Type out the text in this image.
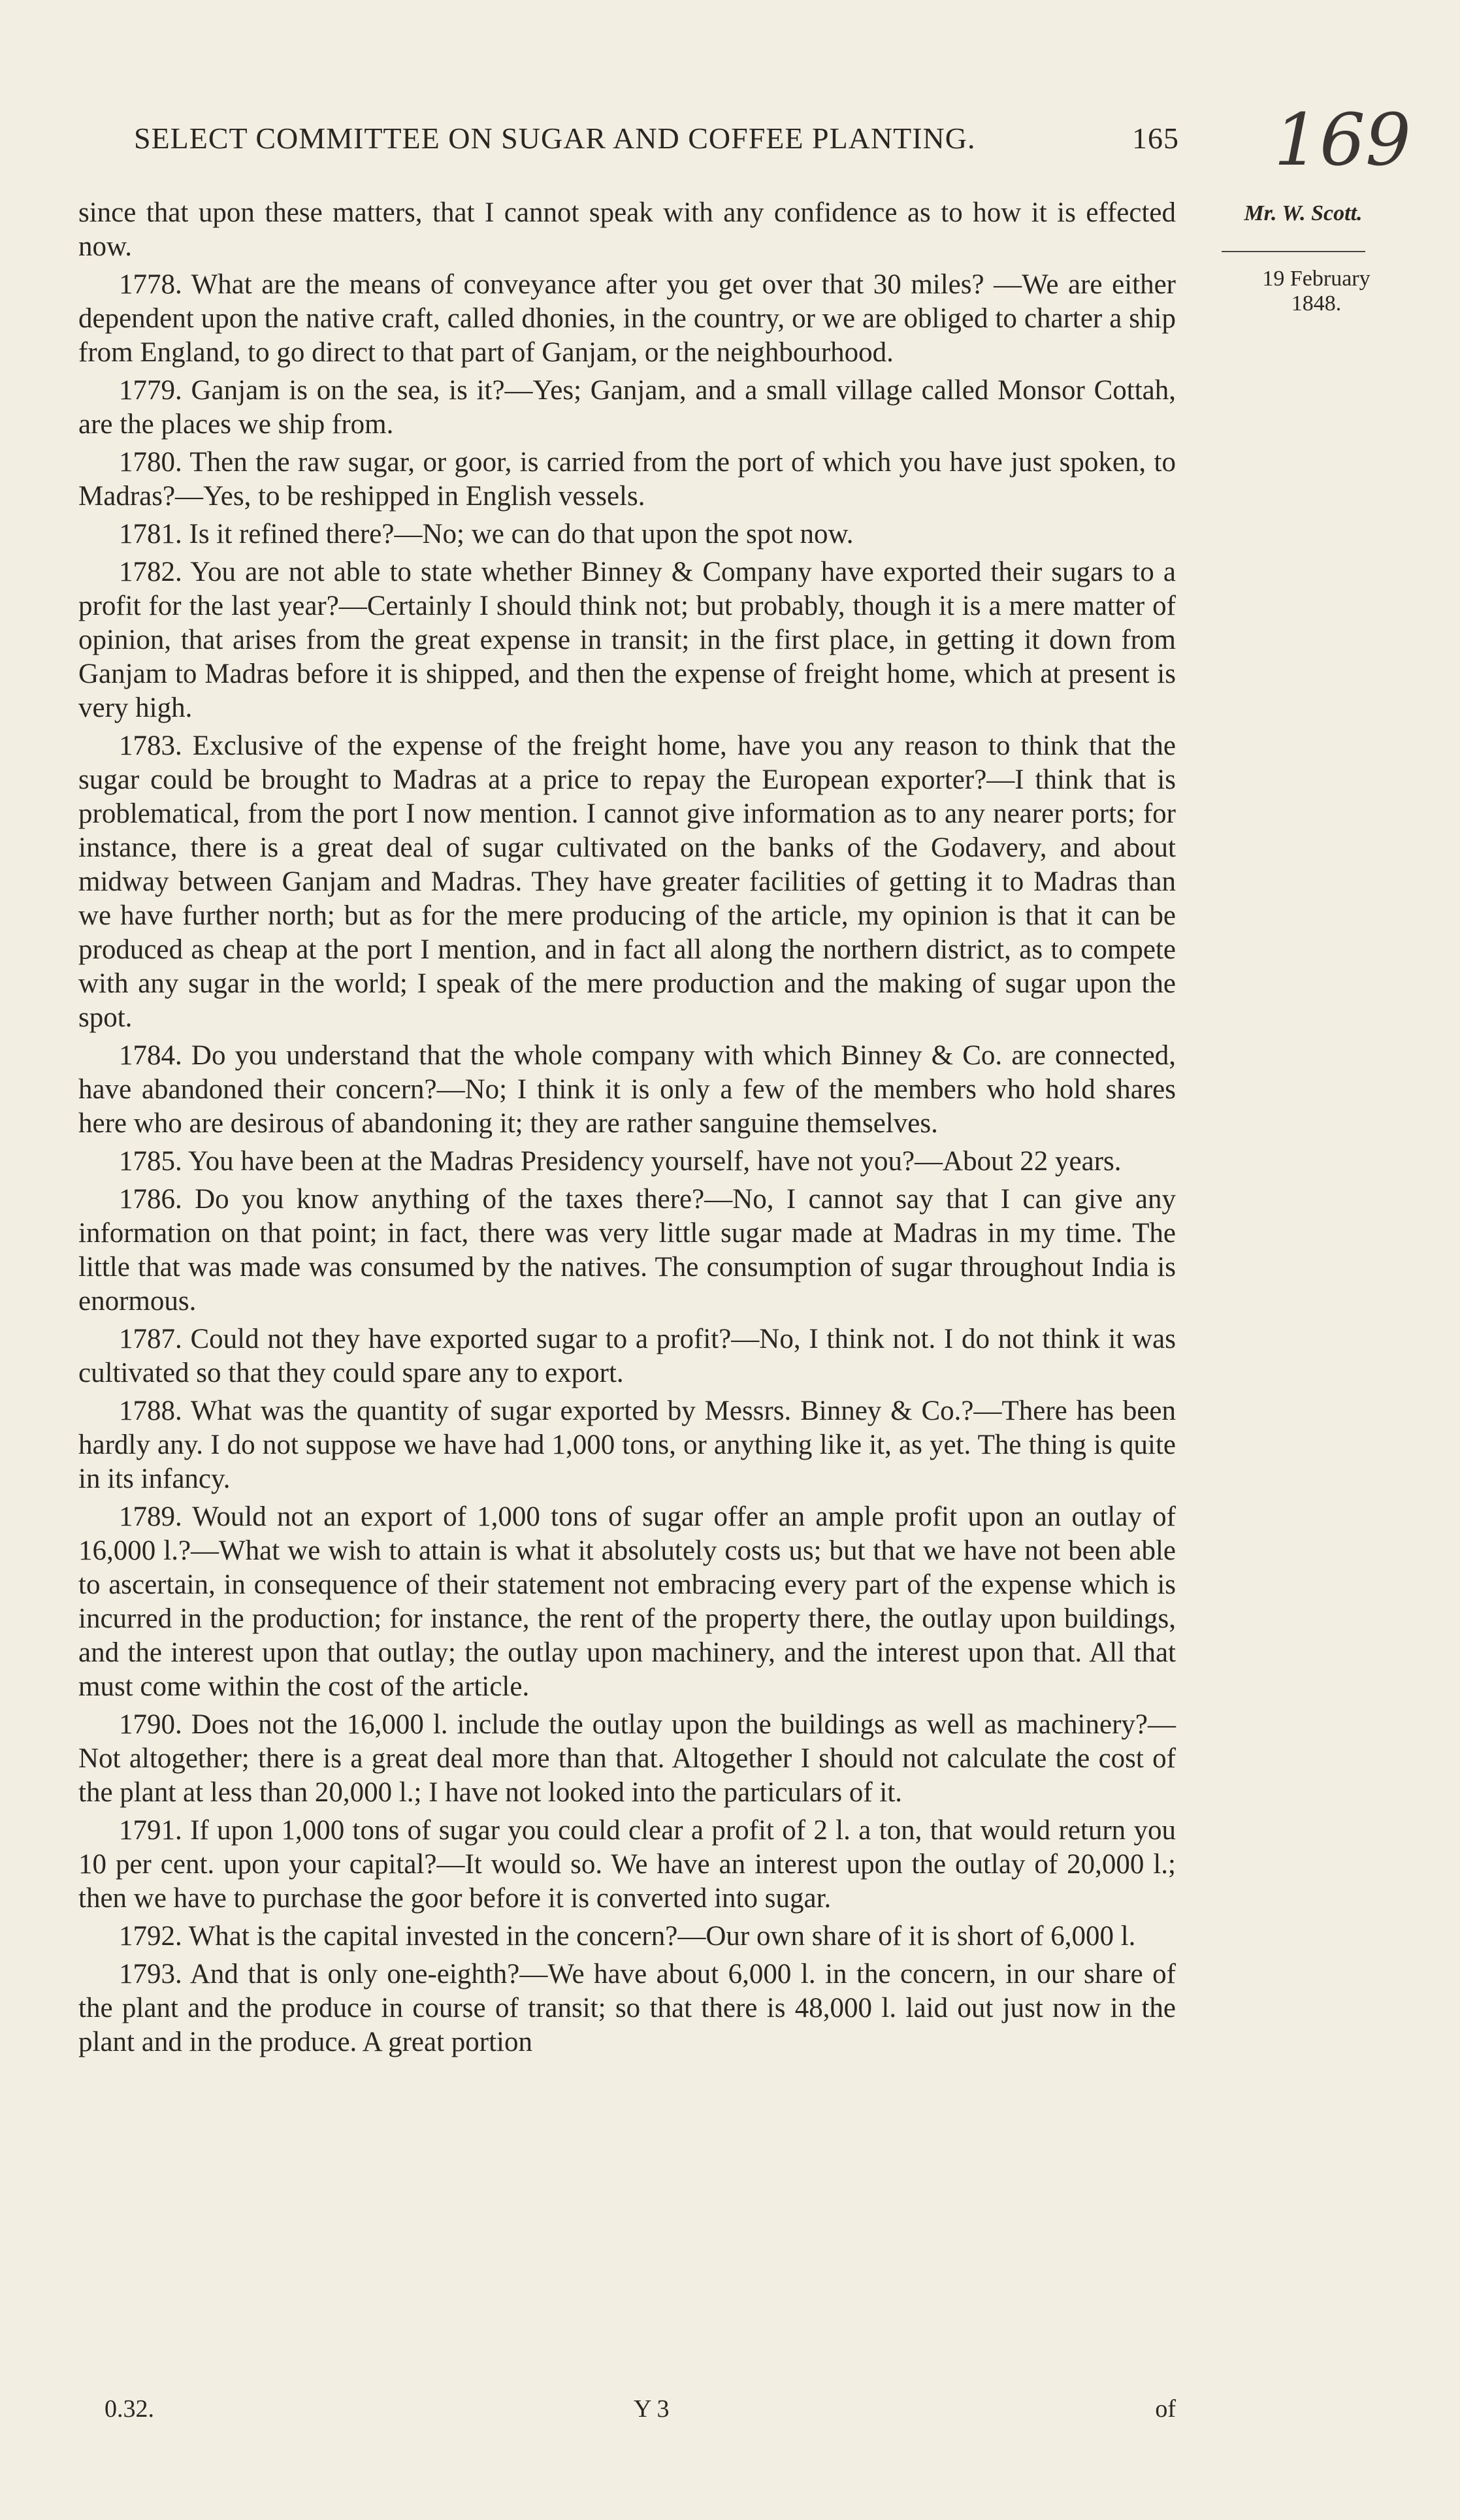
SELECT COMMITTEE ON SUGAR AND COFFEE PLANTING.	165 169
Mr. W. Scott.
19 February 1848.

since that upon these matters, that I cannot speak with any confidence as to how it is effected now.

1778. What are the means of conveyance after you get over that 30 miles? —We are either dependent upon the native craft, called dhonies, in the country, or we are obliged to charter a ship from England, to go direct to that part of Ganjam, or the neighbourhood.

1779. Ganjam is on the sea, is it?—Yes; Ganjam, and a small village called Monsor Cottah, are the places we ship from.

1780. Then the raw sugar, or goor, is carried from the port of which you have just spoken, to Madras?—Yes, to be reshipped in English vessels.

1781. Is it refined there?—No; we can do that upon the spot now.

1782. You are not able to state whether Binney & Company have exported their sugars to a profit for the last year?—Certainly I should think not; but probably, though it is a mere matter of opinion, that arises from the great expense in transit; in the first place, in getting it down from Ganjam to Madras before it is shipped, and then the expense of freight home, which at present is very high.

1783. Exclusive of the expense of the freight home, have you any reason to think that the sugar could be brought to Madras at a price to repay the European exporter?—I think that is problematical, from the port I now mention. I cannot give information as to any nearer ports; for instance, there is a great deal of sugar cultivated on the banks of the Godavery, and about midway between Ganjam and Madras. They have greater facilities of getting it to Madras than we have further north; but as for the mere producing of the article, my opinion is that it can be produced as cheap at the port I mention, and in fact all along the northern district, as to compete with any sugar in the world; I speak of the mere production and the making of sugar upon the spot.

1784. Do you understand that the whole company with which Binney & Co. are connected, have abandoned their concern?—No; I think it is only a few of the members who hold shares here who are desirous of abandoning it; they are rather sanguine themselves.

1785. You have been at the Madras Presidency yourself, have not you?—About 22 years.

1786. Do you know anything of the taxes there?—No, I cannot say that I can give any information on that point; in fact, there was very little sugar made at Madras in my time. The little that was made was consumed by the natives. The consumption of sugar throughout India is enormous.

1787. Could not they have exported sugar to a profit?—No, I think not. I do not think it was cultivated so that they could spare any to export.

1788. What was the quantity of sugar exported by Messrs. Binney & Co.?—There has been hardly any. I do not suppose we have had 1,000 tons, or anything like it, as yet. The thing is quite in its infancy.

1789. Would not an export of 1,000 tons of sugar offer an ample profit upon an outlay of 16,000 l.?—What we wish to attain is what it absolutely costs us; but that we have not been able to ascertain, in consequence of their statement not embracing every part of the expense which is incurred in the production; for instance, the rent of the property there, the outlay upon buildings, and the interest upon that outlay; the outlay upon machinery, and the interest upon that. All that must come within the cost of the article.

1790. Does not the 16,000 l. include the outlay upon the buildings as well as machinery?—Not altogether; there is a great deal more than that. Altogether I should not calculate the cost of the plant at less than 20,000 l.; I have not looked into the particulars of it.

1791. If upon 1,000 tons of sugar you could clear a profit of 2 l. a ton, that would return you 10 per cent. upon your capital?—It would so. We have an interest upon the outlay of 20,000 l.; then we have to purchase the goor before it is converted into sugar.

1792. What is the capital invested in the concern?—Our own share of it is short of 6,000 l.

1793. And that is only one-eighth?—We have about 6,000 l. in the concern, in our share of the plant and the produce in course of transit; so that there is 48,000 l. laid out just now in the plant and in the produce. A great portion

0.32.	Y 3	of
